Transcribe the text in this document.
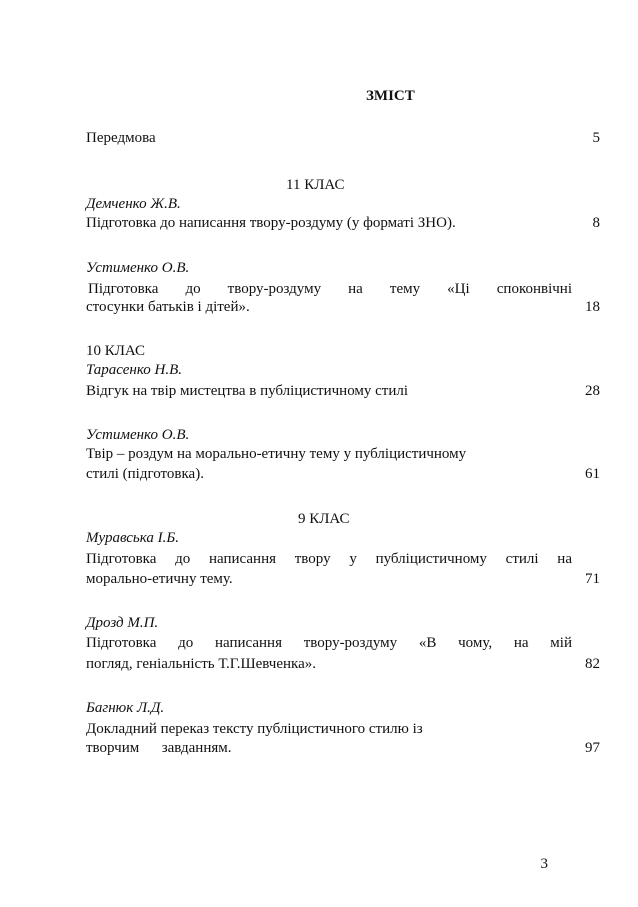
ЗМІСТ
Передмова	5
11 КЛАС
Демченко Ж.В.
Підготовка до написання твору-роздуму (у форматі ЗНО).	8
Устименко О.В.
Підготовка до твору-роздуму на тему «Ці споконвічні
стосунки батьків і дітей».	18
10 КЛАС
Тарасенко Н.В.
Відгук на твір мистецтва в публіцистичному стилі	28
Устименко О.В.
Твір – роздум на морально-етичну тему у публіцистичному
стилі (підготовка).	61
9 КЛАС
Муравська І.Б.
Підготовка до написання твору у публіцистичному стилі на
морально-етичну тему.	71
Дрозд М.П.
Підготовка до написання твору-роздуму «В чому, на мій
погляд, геніальність Т.Г.Шевченка».	82
Багнюк Л.Д.
Докладний переказ тексту публіцистичного стилю із
творчим      завданням.	97
3
